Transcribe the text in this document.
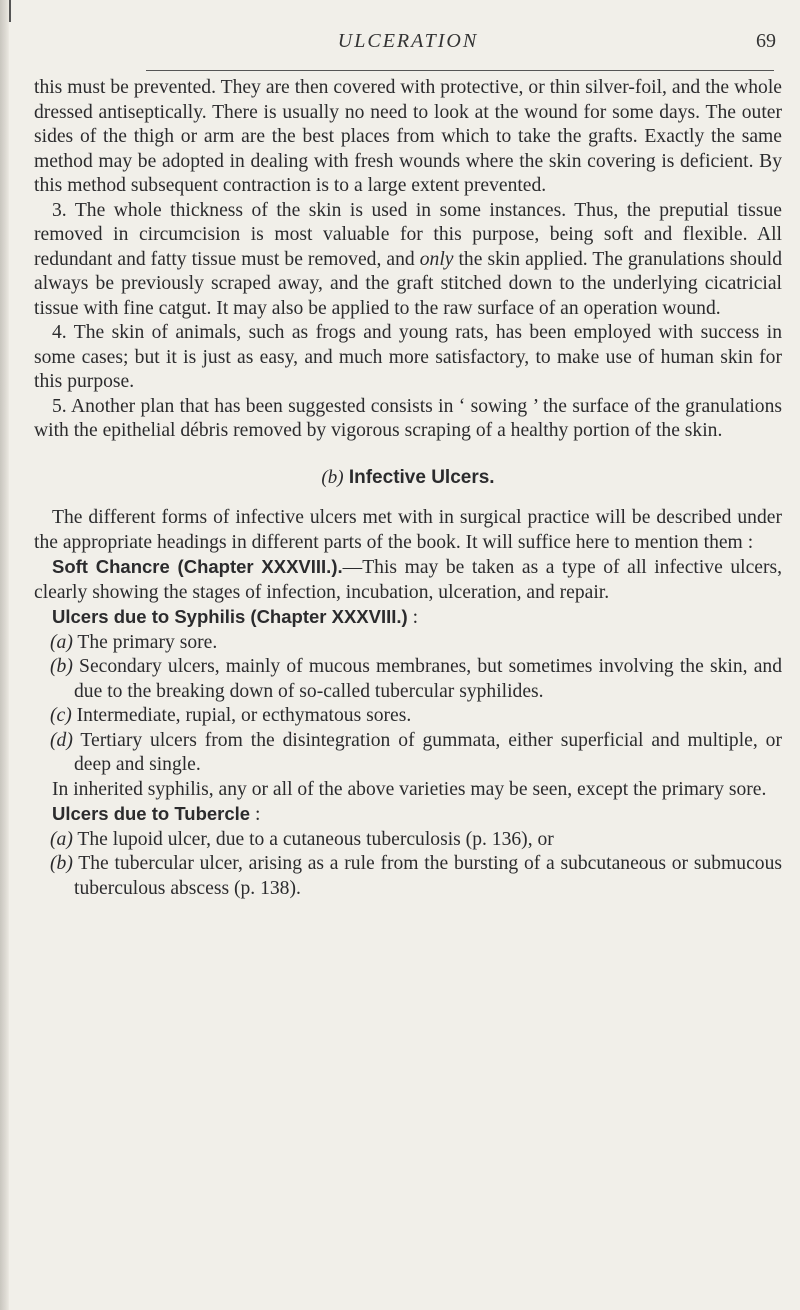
ULCERATION	69

this must be prevented. They are then covered with protective, or thin silver-foil, and the whole dressed antiseptically. There is usually no need to look at the wound for some days. The outer sides of the thigh or arm are the best places from which to take the grafts. Exactly the same method may be adopted in dealing with fresh wounds where the skin covering is deficient. By this method subsequent contraction is to a large extent prevented.

3. The whole thickness of the skin is used in some instances. Thus, the preputial tissue removed in circumcision is most valuable for this purpose, being soft and flexible. All redundant and fatty tissue must be removed, and only the skin applied. The granulations should always be previously scraped away, and the graft stitched down to the underlying cicatricial tissue with fine catgut. It may also be applied to the raw surface of an operation wound.

4. The skin of animals, such as frogs and young rats, has been employed with success in some cases; but it is just as easy, and much more satisfactory, to make use of human skin for this purpose.

5. Another plan that has been suggested consists in ‘ sowing ’ the surface of the granulations with the epithelial débris removed by vigorous scraping of a healthy portion of the skin.

(b) Infective Ulcers.

The different forms of infective ulcers met with in surgical practice will be described under the appropriate headings in different parts of the book. It will suffice here to mention them :

Soft Chancre (Chapter XXXVIII.).—This may be taken as a type of all infective ulcers, clearly showing the stages of infection, incubation, ulceration, and repair.

Ulcers due to Syphilis (Chapter XXXVIII.) :

(a) The primary sore.

(b) Secondary ulcers, mainly of mucous membranes, but sometimes involving the skin, and due to the breaking down of so-called tubercular syphilides.

(c) Intermediate, rupial, or ecthymatous sores.

(d) Tertiary ulcers from the disintegration of gummata, either superficial and multiple, or deep and single.

In inherited syphilis, any or all of the above varieties may be seen, except the primary sore.

Ulcers due to Tubercle :

(a) The lupoid ulcer, due to a cutaneous tuberculosis (p. 136), or

(b) The tubercular ulcer, arising as a rule from the bursting of a subcutaneous or submucous tuberculous abscess (p. 138).
